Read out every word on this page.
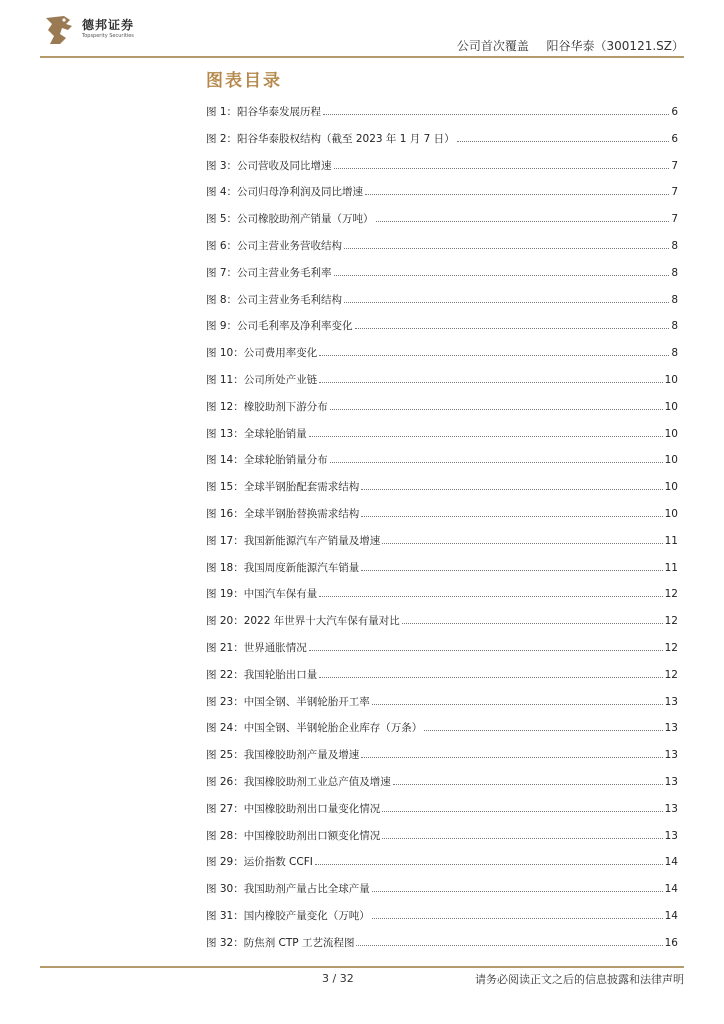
德邦证券
Topsperity Securities
公司首次覆盖 阳谷华泰（300121.SZ）
图表目录
图 1：阳谷华泰发展历程	6
图 2：阳谷华泰股权结构（截至 2023 年 1 月 7 日）	6
图 3：公司营收及同比增速	7
图 4：公司归母净利润及同比增速	7
图 5：公司橡胶助剂产销量（万吨）	7
图 6：公司主营业务营收结构	8
图 7：公司主营业务毛利率	8
图 8：公司主营业务毛利结构	8
图 9：公司毛利率及净利率变化	8
图 10：公司费用率变化	8
图 11：公司所处产业链	10
图 12：橡胶助剂下游分布	10
图 13：全球轮胎销量	10
图 14：全球轮胎销量分布	10
图 15：全球半钢胎配套需求结构	10
图 16：全球半钢胎替换需求结构	10
图 17：我国新能源汽车产销量及增速	11
图 18：我国周度新能源汽车销量	11
图 19：中国汽车保有量	12
图 20：2022 年世界十大汽车保有量对比	12
图 21：世界通胀情况	12
图 22：我国轮胎出口量	12
图 23：中国全钢、半钢轮胎开工率	13
图 24：中国全钢、半钢轮胎企业库存（万条）	13
图 25：我国橡胶助剂产量及增速	13
图 26：我国橡胶助剂工业总产值及增速	13
图 27：中国橡胶助剂出口量变化情况	13
图 28：中国橡胶助剂出口额变化情况	13
图 29：运价指数 CCFI	14
图 30：我国助剂产量占比全球产量	14
图 31：国内橡胶产量变化（万吨）	14
图 32：防焦剂 CTP 工艺流程图	16
3 / 32	请务必阅读正文之后的信息披露和法律声明
